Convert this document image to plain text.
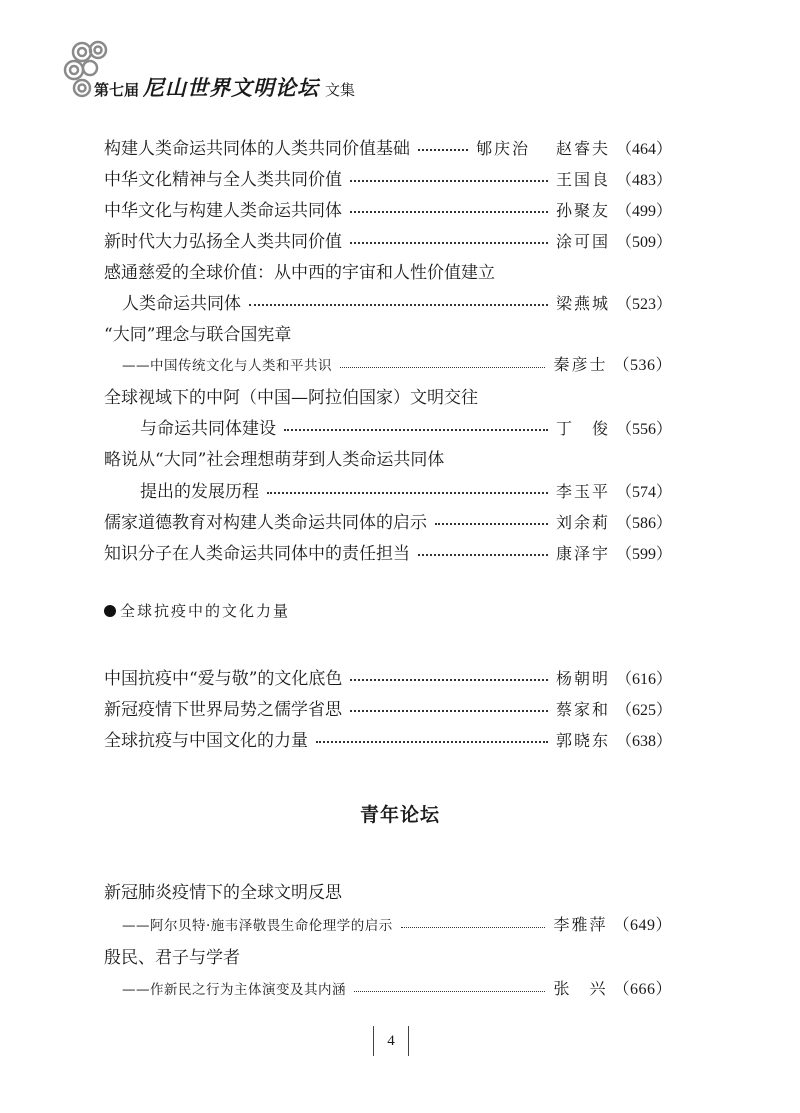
第七届 尼山世界文明论坛 文集
构建人类命运共同体的人类共同价值基础	郇庆治 赵睿夫 （464）
中华文化精神与全人类共同价值	王国良 （483）
中华文化与构建人类命运共同体	孙聚友 （499）
新时代大力弘扬全人类共同价值	涂可国 （509）
感通慈爱的全球价值：从中西的宇宙和人性价值建立
人类命运共同体	梁燕城 （523）
“大同”理念与联合国宪章
——中国传统文化与人类和平共识	秦彦士 （536）
全球视域下的中阿（中国—阿拉伯国家）文明交往
与命运共同体建设	丁　俊 （556）
略说从“大同”社会理想萌芽到人类命运共同体
提出的发展历程	李玉平 （574）
儒家道德教育对构建人类命运共同体的启示	刘余莉 （586）
知识分子在人类命运共同体中的责任担当	康泽宇 （599）
全球抗疫中的文化力量
中国抗疫中“爱与敬”的文化底色	杨朝明 （616）
新冠疫情下世界局势之儒学省思	蔡家和 （625）
全球抗疫与中国文化的力量	郭晓东 （638）
青年论坛
新冠肺炎疫情下的全球文明反思
——阿尔贝特·施韦泽敬畏生命伦理学的启示	李雅萍 （649）
殷民、君子与学者
——作新民之行为主体演变及其内涵	张　兴 （666）
4
